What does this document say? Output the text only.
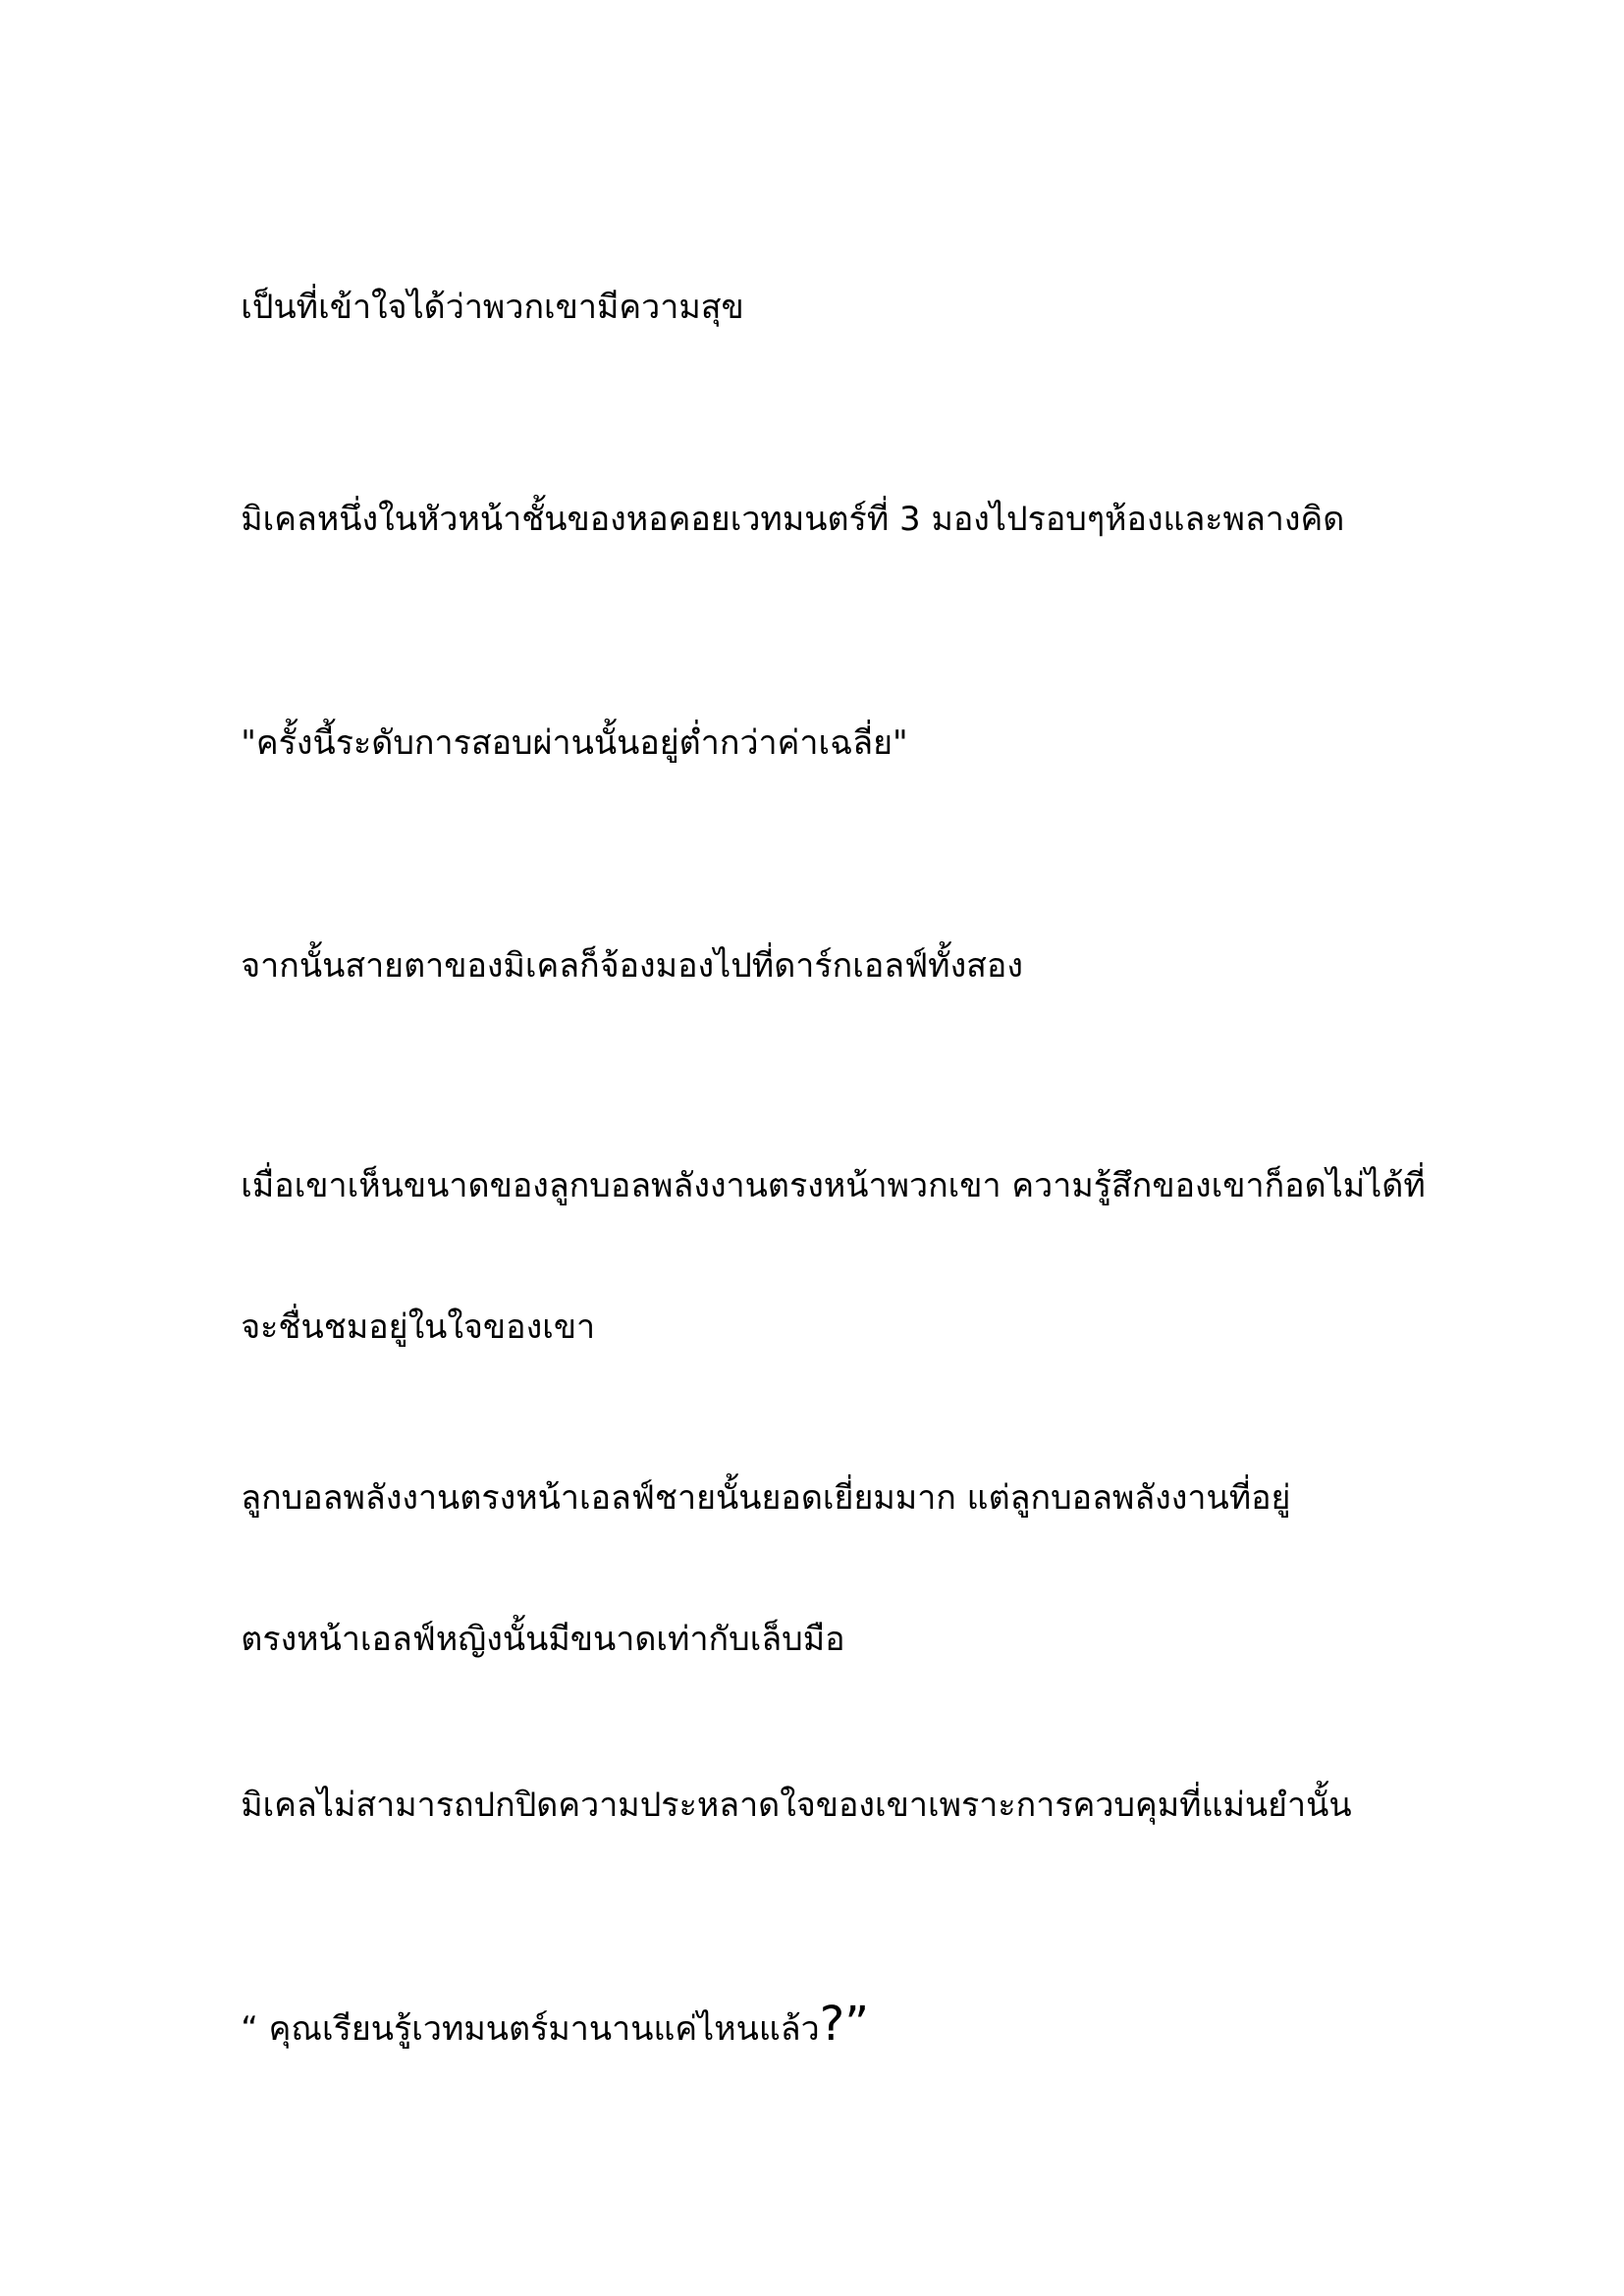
เป็นที่เข้าใจได้ว่าพวกเขามีความสุข

มิเคลหนึ่งในหัวหน้าชั้นของหอคอยเวทมนตร์ที่ 3 มองไปรอบๆห้องและพลางคิด

"ครั้งนี้ระดับการสอบผ่านนั้นอยู่ต่ำกว่าค่าเฉลี่ย"

จากนั้นสายตาของมิเคลก็จ้องมองไปที่ดาร์กเอลฟ์ทั้งสอง

เมื่อเขาเห็นขนาดของลูกบอลพลังงานตรงหน้าพวกเขา ความรู้สึกของเขาก็อดไม่ได้ที่

จะชื่นชมอยู่ในใจของเขา

ลูกบอลพลังงานตรงหน้าเอลฟ์ชายนั้นยอดเยี่ยมมาก แต่ลูกบอลพลังงานที่อยู่

ตรงหน้าเอลฟ์หญิงนั้นมีขนาดเท่ากับเล็บมือ

มิเคลไม่สามารถปกปิดความประหลาดใจของเขาเพราะการควบคุมที่แม่นยำนั้น

“ คุณเรียนรู้เวทมนตร์มานานแค่ไหนแล้ว?”
